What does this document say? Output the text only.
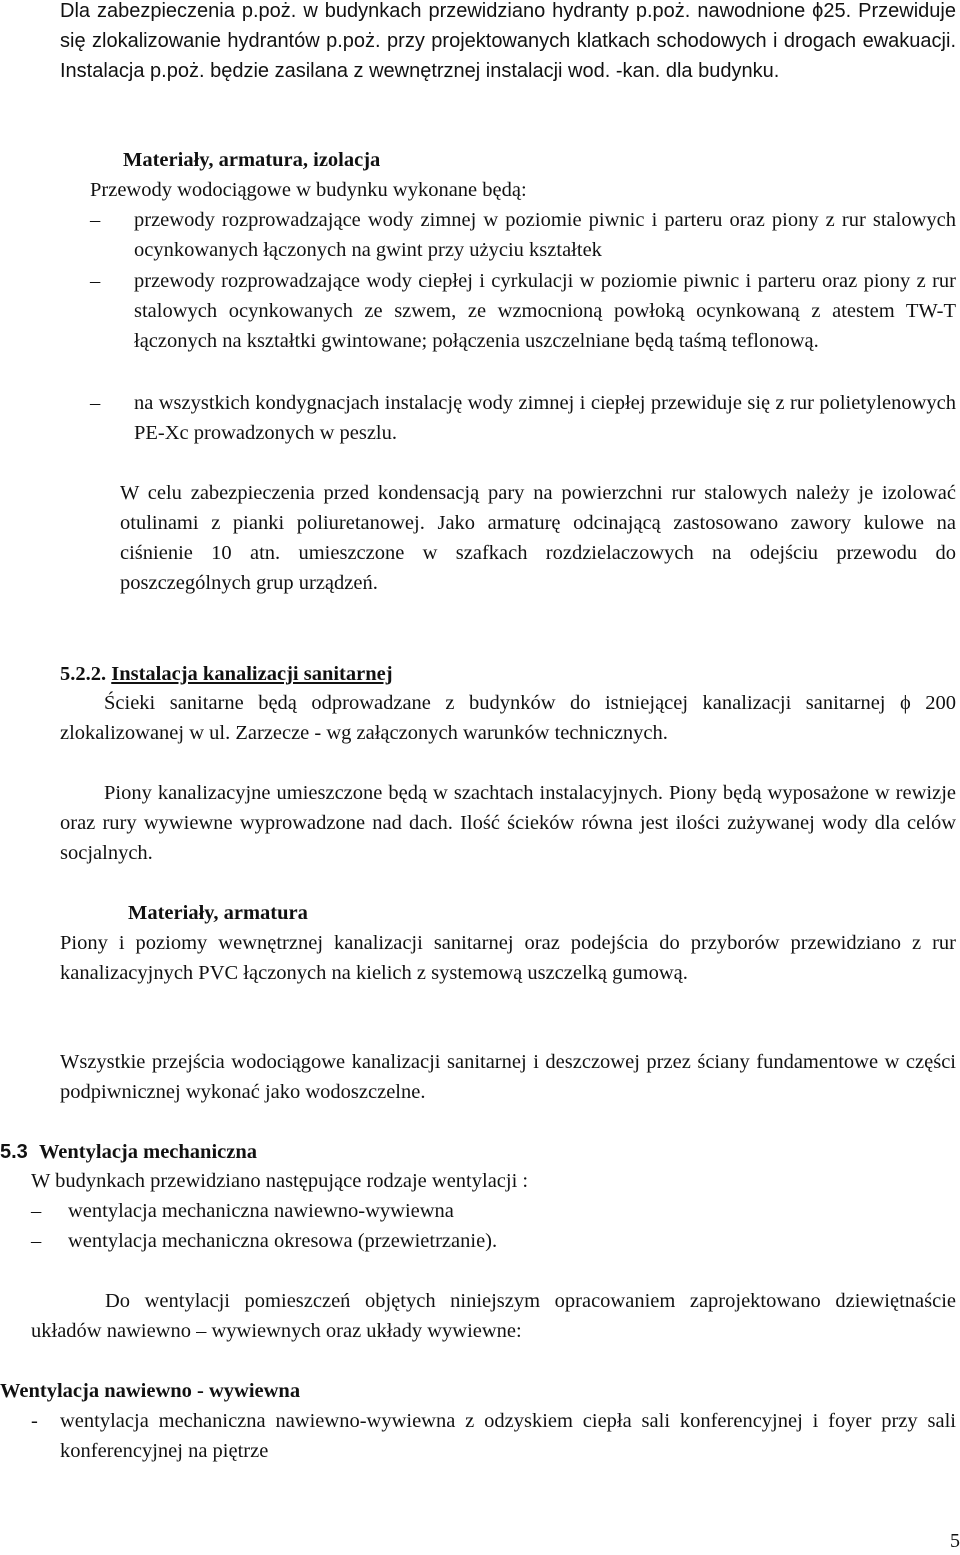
Dla zabezpieczenia p.poż. w budynkach przewidziano hydranty p.poż. nawodnione ϕ25. Przewiduje się zlokalizowanie hydrantów p.poż. przy projektowanych klatkach schodowych i drogach ewakuacji. Instalacja p.poż. będzie zasilana z wewnętrznej instalacji wod. -kan. dla budynku.

Materiały, armatura, izolacja

Przewody wodociągowe w budynku wykonane będą:

– przewody rozprowadzające wody zimnej w poziomie piwnic i parteru oraz piony z rur stalowych ocynkowanych łączonych na gwint przy użyciu kształtek

– przewody rozprowadzające wody ciepłej i cyrkulacji w poziomie piwnic i parteru oraz piony z rur stalowych ocynkowanych ze szwem, ze wzmocnioną powłoką ocynkowaną z atestem TW-T łączonych na kształtki gwintowane; połączenia uszczelniane będą taśmą teflonową.

– na wszystkich kondygnacjach instalację wody zimnej i ciepłej przewiduje się z rur polietylenowych PE-Xc prowadzonych w peszlu.

W celu zabezpieczenia przed kondensacją pary na powierzchni rur stalowych należy je izolować otulinami z pianki poliuretanowej. Jako armaturę odcinającą zastosowano zawory kulowe na ciśnienie 10 atn. umieszczone w szafkach rozdzielaczowych na odejściu przewodu do poszczególnych grup urządzeń.

5.2.2. Instalacja kanalizacji sanitarnej

Ścieki sanitarne będą odprowadzane z budynków do istniejącej kanalizacji sanitarnej ϕ 200 zlokalizowanej w ul. Zarzecze - wg załączonych warunków technicznych.

Piony kanalizacyjne umieszczone będą w szachtach instalacyjnych. Piony będą wyposażone w rewizje oraz rury wywiewne wyprowadzone nad dach. Ilość ścieków równa jest ilości zużywanej wody dla celów socjalnych.

Materiały, armatura

Piony i poziomy wewnętrznej kanalizacji sanitarnej oraz podejścia do przyborów przewidziano z rur kanalizacyjnych PVC łączonych na kielich z systemową uszczelką gumową.

Wszystkie przejścia wodociągowe kanalizacji sanitarnej i deszczowej przez ściany fundamentowe w części podpiwnicznej wykonać jako wodoszczelne.

5.3 Wentylacja mechaniczna

W budynkach przewidziano następujące rodzaje wentylacji :

– wentylacja mechaniczna nawiewno-wywiewna

– wentylacja mechaniczna okresowa (przewietrzanie).

Do wentylacji pomieszczeń objętych niniejszym opracowaniem zaprojektowano dziewiętnaście układów nawiewno – wywiewnych oraz układy wywiewne:

Wentylacja nawiewno - wywiewna
- wentylacja mechaniczna nawiewno-wywiewna z odzyskiem ciepła sali konferencyjnej i foyer przy sali konferencyjnej na piętrze

5
